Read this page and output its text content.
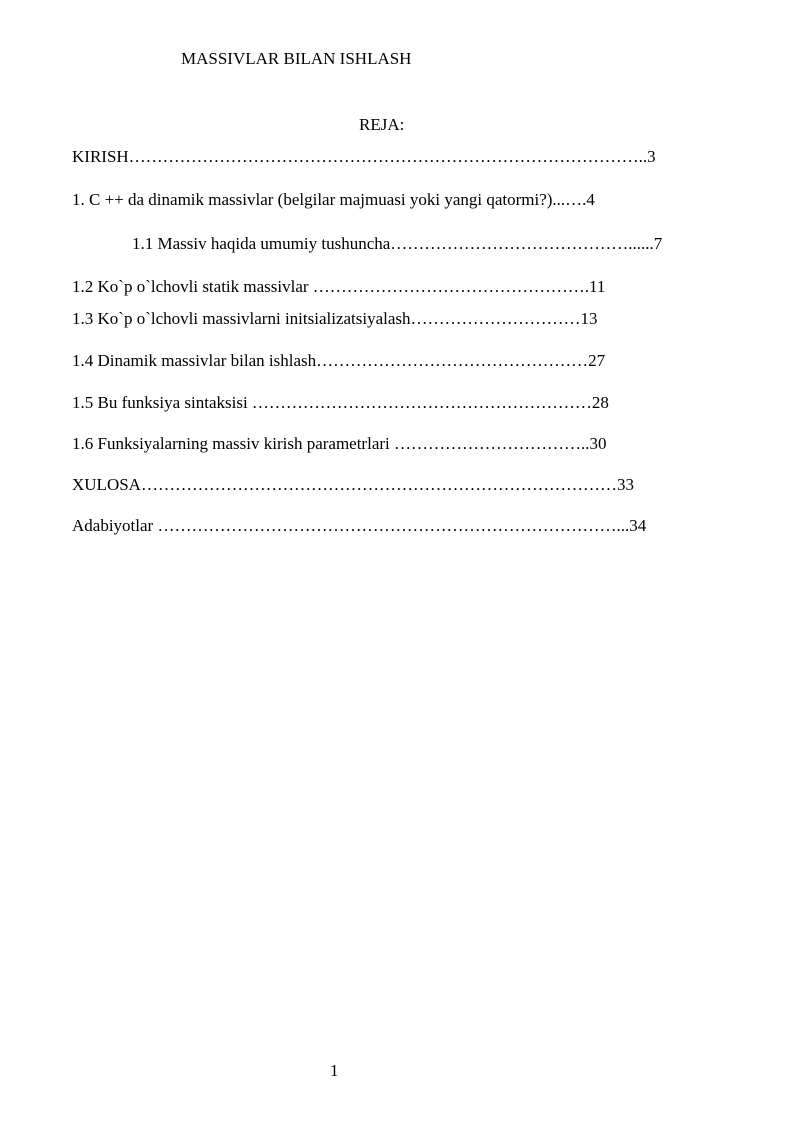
MASSIVLAR BILAN ISHLASH
REJA:
KIRISH………………………………………………………………………………..3
1. C ++ da dinamik massivlar (belgilar majmuasi yoki yangi qatormi?)...….4
1.1 Massiv haqida umumiy tushuncha……………………………………......7
1.2 Ko`p o`lchovli statik massivlar ………………………………………….11
1.3 Ko`p o`lchovli massivlarni initsializatsiyalash…………………………13
1.4 Dinamik massivlar bilan ishlash…………………………………………27
1.5 Bu funksiya sintaksisi ……………………………………………………28
1.6 Funksiyalarning massiv kirish parametrlari ……………………………..30
XULOSA…………………………………………………………………………33
Adabiyotlar ………………………………………………………………………...34
1
